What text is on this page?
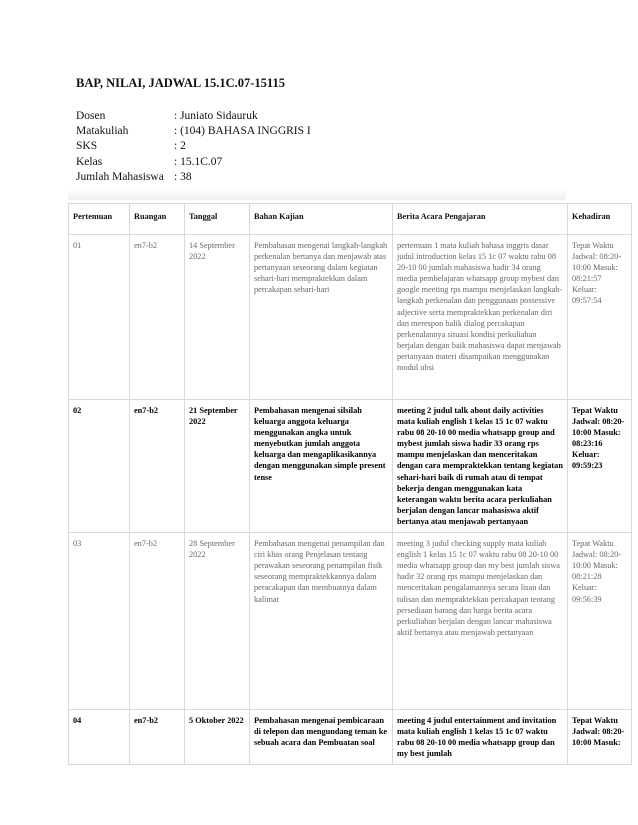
BAP, NILAI, JADWAL 15.1C.07-15115
Dosen	: Juniato Sidauruk
Matakuliah	: (104) BAHASA INGGRIS I
SKS	: 2
Kelas	: 15.1C.07
Jumlah Mahasiswa : 38
Pertemuan	Ruangan	Tanggal	Bahan Kajian	Berita Acara Pengajaran	Kehadiran
01	en7-b2	14 September 2022	Pembahasan mengenai langkah-langkah perkenalan bertanya dan menjawab atas pertanyaan seseorang dalam kegiatan sehari-hari mempraktekkan dalam percakapan sehari-hari	pertemuan 1 mata kuliah bahasa inggris dasar judul introduction kelas 15 1c 07 waktu rabu 08 20-10 00 jumlah mahasiswa hadir 34 orang media pembelajaran whatsapp group mybest dan google meeting rps mampu menjelaskan langkah-langkah perkenalan dan penggunaan possessive adjective serta mempraktekkan perkenalan diri dan merespon balik dialog percakapan perkenalannya situasi kondisi perkuliahan berjalan dengan baik mahasiswa dapat menjawab pertanyaan materi disampaikan menggunakan modul ubsi	Tepat Waktu Jadwal: 08:20-10:00 Masuk: 08:21:57 Keluar: 09:57:54
02	en7-b2	21 September 2022	Pembahasan mengenai silsilah keluarga anggota keluarga menggunakan angka untuk menyebutkan jumlah anggota keluarga dan mengaplikasikannya dengan menggunakan simple present tense	meeting 2 judul talk about daily activities mata kuliah english 1 kelas 15 1c 07 waktu rabu 08 20-10 00 media whatsapp group and mybest jumlah siswa hadir 33 orang rps mampu menjelaskan dan menceritakan dengan cara mempraktekkan tentang kegiatan sehari-hari baik di rumah atau di tempat bekerja dengan menggunakan kata keterangan waktu berita acara perkuliahan berjalan dengan lancar mahasiswa aktif bertanya atau menjawab pertanyaan	Tepat Waktu Jadwal: 08:20-10:00 Masuk: 08:23:16 Keluar: 09:59:23
03	en7-b2	28 September 2022	Pembahasan mengenai penampilan dan ciri khas orang Penjelasan tentang perawakan seseorang penampilan fisik seseorang mempraktekkannya dalam peracakapan dan membuatnya dalam kalimat	meeting 3 judul checking supply mata kuliah english 1 kelas 15 1c 07 waktu rabu 08 20-10 00 media whatsapp group dan my best jumlah siswa hadir 32 orang rps mampu menjelaskan dan menceritakan pengalamannya secara lisan dan tulisan dan mempraktekkan percakapan tentang persediaan barang dan harga berita acara perkuliahan berjalan dengan lancar mahasiswa aktif bertanya atau menjawab pertanyaan	Tepat Waktu Jadwal: 08:20-10:00 Masuk: 08:21:28 Keluar: 09:56:39
04	en7-b2	5 Oktober 2022	Pembahasan mengenai pembicaraan di telepon dan mengundang teman ke sebuah acara dan Pembuatan soal	meeting 4 judul entertainment and invitation mata kuliah english 1 kelas 15 1c 07 waktu rabu 08 20-10 00 media whatsapp group dan my best jumlah	Tepat Waktu Jadwal: 08:20-10:00 Masuk:
